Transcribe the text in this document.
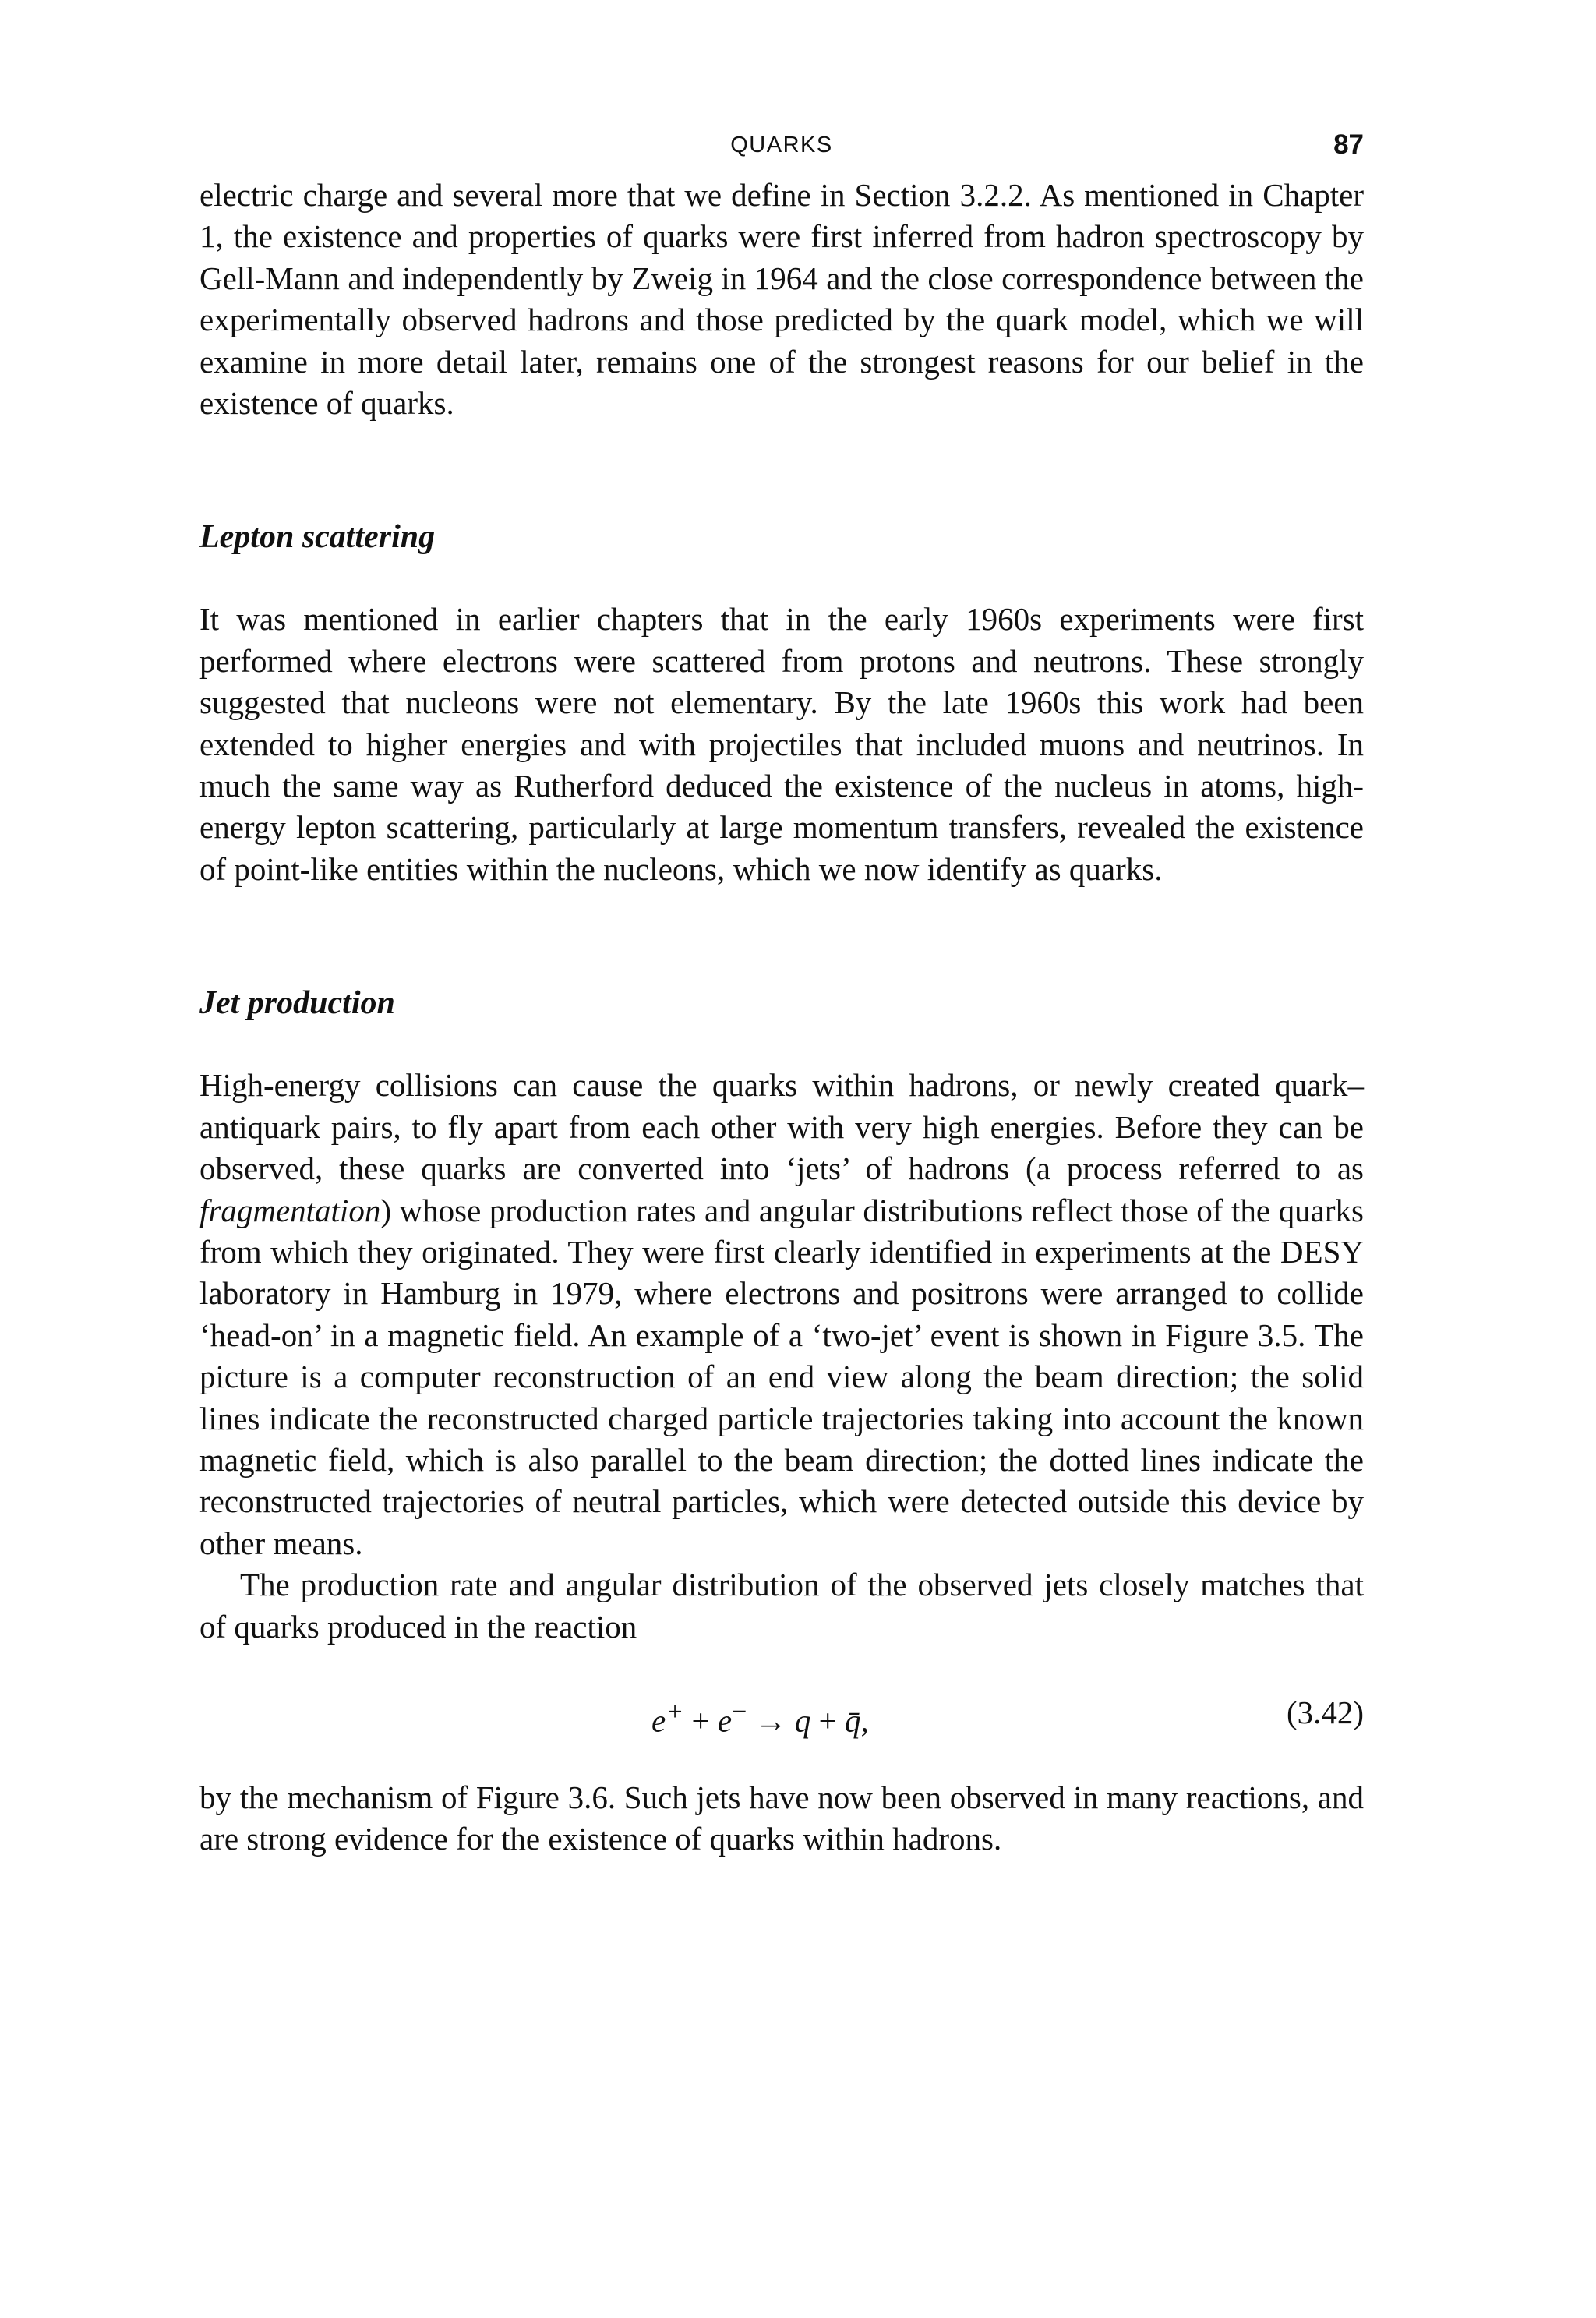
QUARKS	87

electric charge and several more that we define in Section 3.2.2. As mentioned in Chapter 1, the existence and properties of quarks were first inferred from hadron spectroscopy by Gell-Mann and independently by Zweig in 1964 and the close correspondence between the experimentally observed hadrons and those predicted by the quark model, which we will examine in more detail later, remains one of the strongest reasons for our belief in the existence of quarks.

Lepton scattering

It was mentioned in earlier chapters that in the early 1960s experiments were first performed where electrons were scattered from protons and neutrons. These strongly suggested that nucleons were not elementary. By the late 1960s this work had been extended to higher energies and with projectiles that included muons and neutrinos. In much the same way as Rutherford deduced the existence of the nucleus in atoms, high-energy lepton scattering, particularly at large momentum transfers, revealed the existence of point-like entities within the nucleons, which we now identify as quarks.

Jet production

High-energy collisions can cause the quarks within hadrons, or newly created quark–antiquark pairs, to fly apart from each other with very high energies. Before they can be observed, these quarks are converted into ‘jets’ of hadrons (a process referred to as fragmentation) whose production rates and angular distributions reflect those of the quarks from which they originated. They were first clearly identified in experiments at the DESY laboratory in Hamburg in 1979, where electrons and positrons were arranged to collide ‘head-on’ in a magnetic field. An example of a ‘two-jet’ event is shown in Figure 3.5. The picture is a computer reconstruction of an end view along the beam direction; the solid lines indicate the reconstructed charged particle trajectories taking into account the known magnetic field, which is also parallel to the beam direction; the dotted lines indicate the reconstructed trajectories of neutral particles, which were detected outside this device by other means.

The production rate and angular distribution of the observed jets closely matches that of quarks produced in the reaction

e+ + e− → q + q̄,	(3.42)

by the mechanism of Figure 3.6. Such jets have now been observed in many reactions, and are strong evidence for the existence of quarks within hadrons.
